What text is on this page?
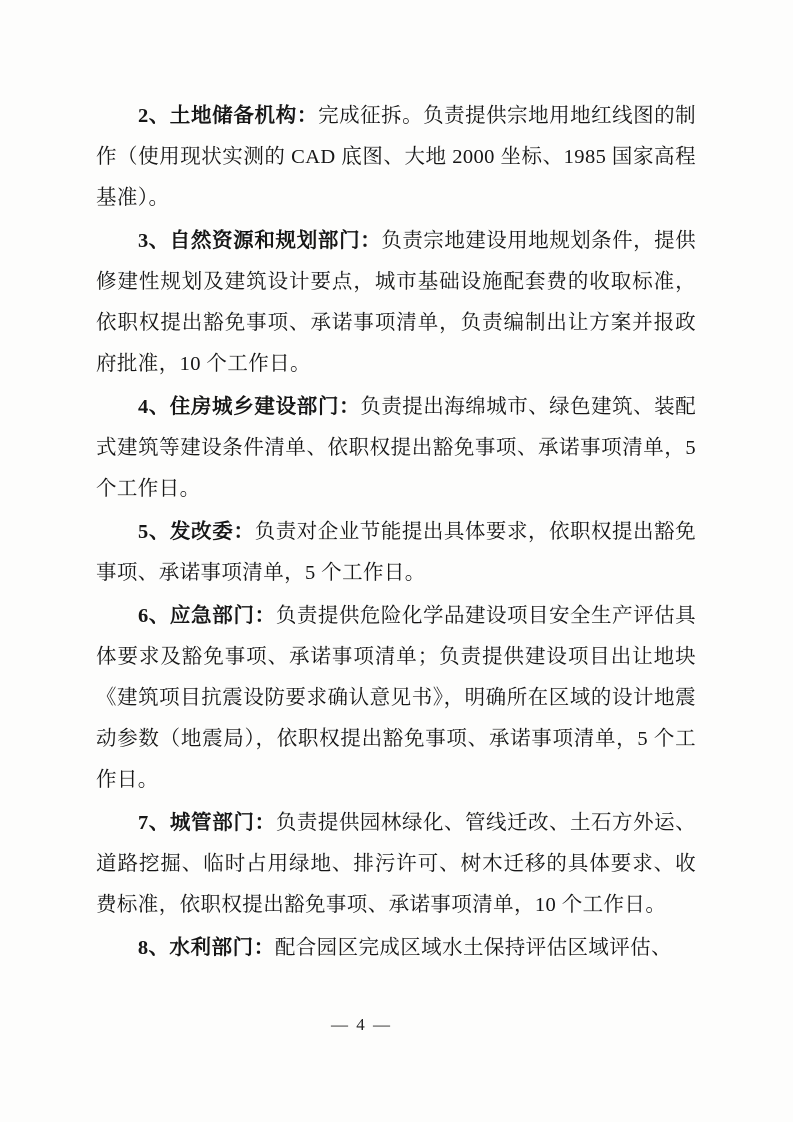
　　2、土地储备机构：完成征拆。负责提供宗地用地红线图的制作（使用现状实测的 CAD 底图、大地 2000 坐标、1985 国家高程基准）。

　　3、自然资源和规划部门：负责宗地建设用地规划条件，提供修建性规划及建筑设计要点，城市基础设施配套费的收取标准，依职权提出豁免事项、承诺事项清单，负责编制出让方案并报政府批准，10 个工作日。

　　4、住房城乡建设部门：负责提出海绵城市、绿色建筑、装配式建筑等建设条件清单、依职权提出豁免事项、承诺事项清单，5 个工作日。

　　5、发改委：负责对企业节能提出具体要求，依职权提出豁免事项、承诺事项清单，5 个工作日。

　　6、应急部门：负责提供危险化学品建设项目安全生产评估具体要求及豁免事项、承诺事项清单；负责提供建设项目出让地块《建筑项目抗震设防要求确认意见书》，明确所在区域的设计地震动参数（地震局），依职权提出豁免事项、承诺事项清单，5 个工作日。

　　7、城管部门：负责提供园林绿化、管线迁改、土石方外运、道路挖掘、临时占用绿地、排污许可、树木迁移的具体要求、收费标准，依职权提出豁免事项、承诺事项清单，10 个工作日。

　　8、水利部门：配合园区完成区域水土保持评估区域评估、

— 4 —
